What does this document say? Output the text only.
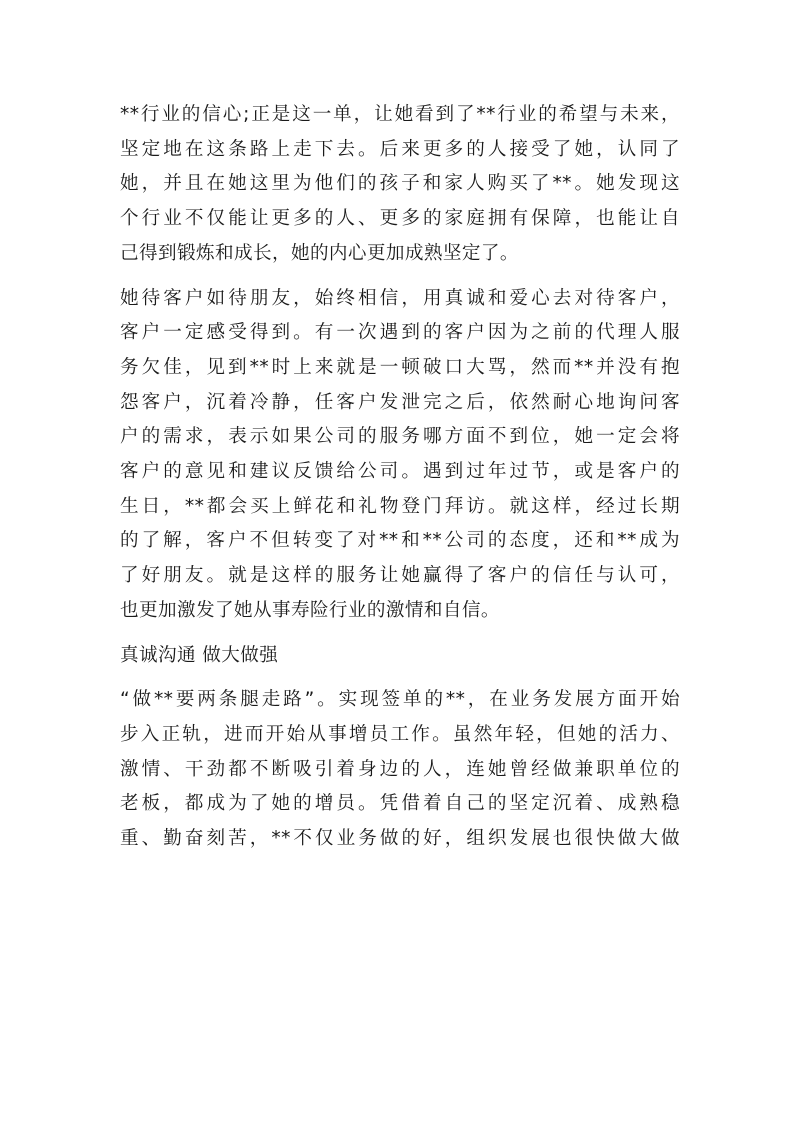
**行业的信心;正是这一单，让她看到了**行业的希望与未来，
坚定地在这条路上走下去。后来更多的人接受了她，认同了
她，并且在她这里为他们的孩子和家人购买了**。她发现这
个行业不仅能让更多的人、更多的家庭拥有保障，也能让自
己得到锻炼和成长，她的内心更加成熟坚定了。
她待客户如待朋友，始终相信，用真诚和爱心去对待客户，
客户一定感受得到。有一次遇到的客户因为之前的代理人服
务欠佳，见到**时上来就是一顿破口大骂，然而**并没有抱
怨客户，沉着冷静，任客户发泄完之后，依然耐心地询问客
户的需求，表示如果公司的服务哪方面不到位，她一定会将
客户的意见和建议反馈给公司。遇到过年过节，或是客户的
生日，**都会买上鲜花和礼物登门拜访。就这样，经过长期
的了解，客户不但转变了对**和**公司的态度，还和**成为
了好朋友。就是这样的服务让她赢得了客户的信任与认可，
也更加激发了她从事寿险行业的激情和自信。
真诚沟通 做大做强
“做**要两条腿走路”。实现签单的**，在业务发展方面开始
步入正轨，进而开始从事增员工作。虽然年轻，但她的活力、
激情、干劲都不断吸引着身边的人，连她曾经做兼职单位的
老板，都成为了她的增员。凭借着自己的坚定沉着、成熟稳
重、勤奋刻苦，**不仅业务做的好，组织发展也很快做大做
